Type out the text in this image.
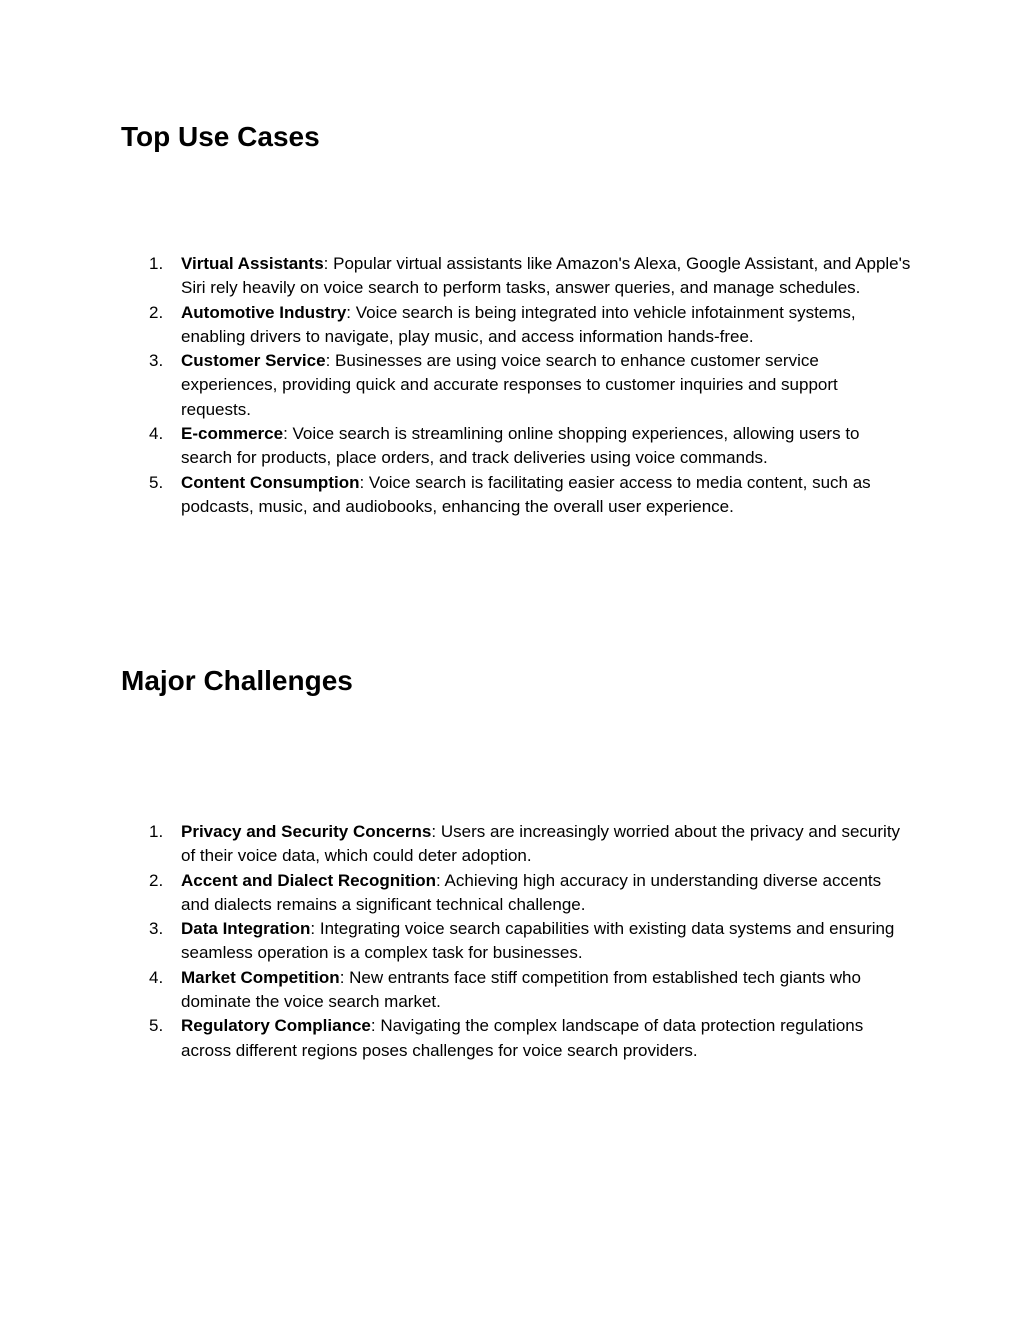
Top Use Cases
1. Virtual Assistants: Popular virtual assistants like Amazon's Alexa, Google Assistant, and Apple's Siri rely heavily on voice search to perform tasks, answer queries, and manage schedules.
2. Automotive Industry: Voice search is being integrated into vehicle infotainment systems, enabling drivers to navigate, play music, and access information hands-free.
3. Customer Service: Businesses are using voice search to enhance customer service experiences, providing quick and accurate responses to customer inquiries and support requests.
4. E-commerce: Voice search is streamlining online shopping experiences, allowing users to search for products, place orders, and track deliveries using voice commands.
5. Content Consumption: Voice search is facilitating easier access to media content, such as podcasts, music, and audiobooks, enhancing the overall user experience.
Major Challenges
1. Privacy and Security Concerns: Users are increasingly worried about the privacy and security of their voice data, which could deter adoption.
2. Accent and Dialect Recognition: Achieving high accuracy in understanding diverse accents and dialects remains a significant technical challenge.
3. Data Integration: Integrating voice search capabilities with existing data systems and ensuring seamless operation is a complex task for businesses.
4. Market Competition: New entrants face stiff competition from established tech giants who dominate the voice search market.
5. Regulatory Compliance: Navigating the complex landscape of data protection regulations across different regions poses challenges for voice search providers.
